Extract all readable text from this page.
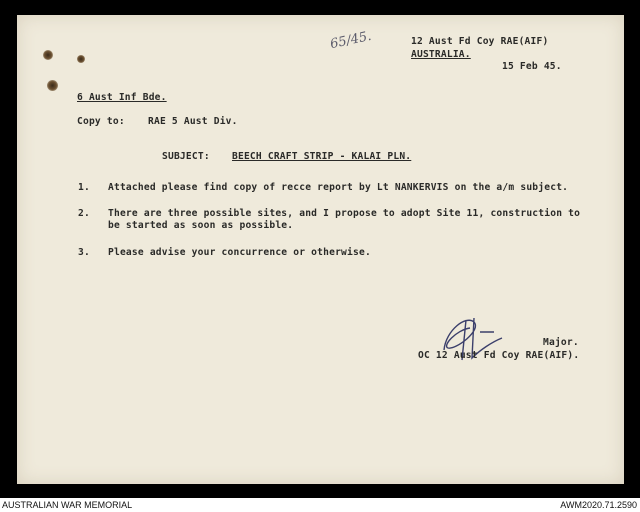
65/45.	12 Aust Fd Coy RAE(AIF)
AUSTRALIA.
15 Feb 45.
6 Aust Inf Bde.
Copy to: RAE 5 Aust Div.
SUBJECT: BEECH CRAFT STRIP - KALAI PLN.
1. Attached please find copy of recce report by Lt NANKERVIS on the a/m subject.
2. There are three possible sites, and I propose to adopt Site 11, construction to be started as soon as possible.
3. Please advise your concurrence or otherwise.
Major.
OC 12 Aust Fd Coy RAE(AIF).
AUSTRALIAN WAR MEMORIAL	AWM2020.71.2590
